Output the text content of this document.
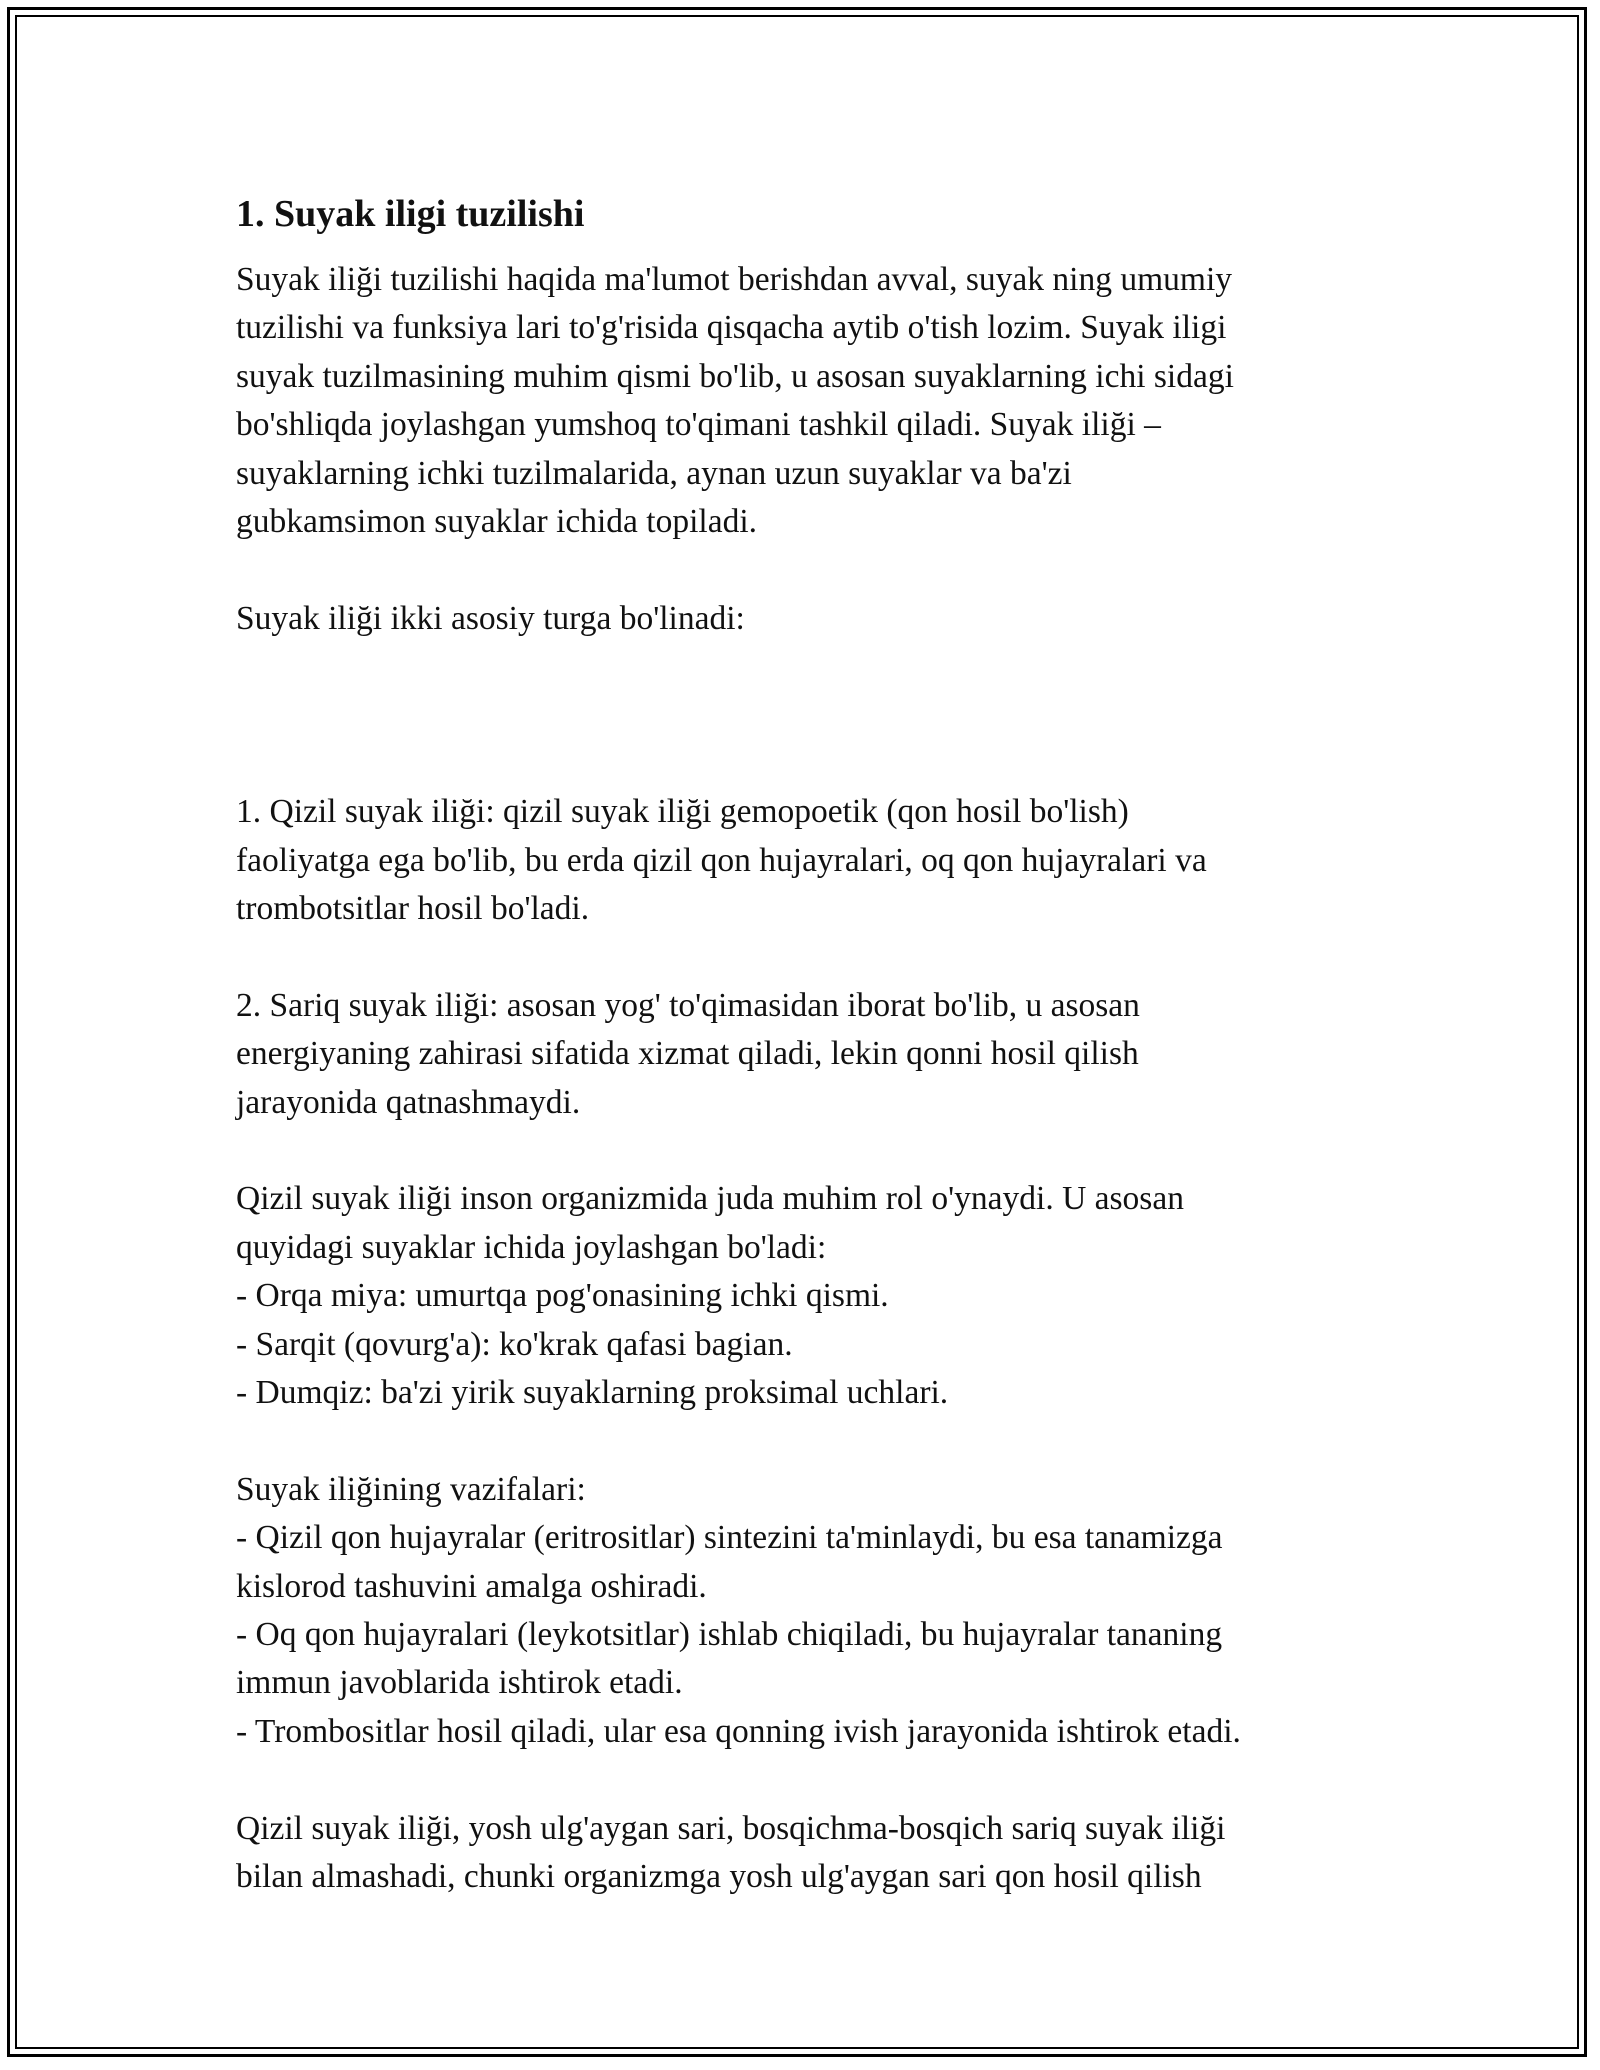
1. Suyak iligi tuzilishi
Suyak iliği tuzilishi haqida ma'lumot berishdan avval, suyak ning umumiy
tuzilishi va funksiya lari to'g'risida qisqacha aytib o'tish lozim. Suyak iligi
suyak tuzilmasining muhim qismi bo'lib, u asosan suyaklarning ichi sidagi
bo'shliqda joylashgan yumshoq to'qimani tashkil qiladi. Suyak iliği –
suyaklarning ichki tuzilmalarida, aynan uzun suyaklar va ba'zi
gubkamsimon suyaklar ichida topiladi.
Suyak iliği ikki asosiy turga bo'linadi:
1. Qizil suyak iliği: qizil suyak iliği gemopoetik (qon hosil bo'lish)
faoliyatga ega bo'lib, bu erda qizil qon hujayralari, oq qon hujayralari va
trombotsitlar hosil bo'ladi.
2. Sariq suyak iliği: asosan yog' to'qimasidan iborat bo'lib, u asosan
energiyaning zahirasi sifatida xizmat qiladi, lekin qonni hosil qilish
jarayonida qatnashmaydi.
Qizil suyak iliği inson organizmida juda muhim rol o'ynaydi. U asosan
quyidagi suyaklar ichida joylashgan bo'ladi:
- Orqa miya: umurtqa pog'onasining ichki qismi.
- Sarqit (qovurg'a): ko'krak qafasi bagian.
- Dumqiz: ba'zi yirik suyaklarning proksimal uchlari.
Suyak iliğining vazifalari:
- Qizil qon hujayralar (eritrositlar) sintezini ta'minlaydi, bu esa tanamizga
kislorod tashuvini amalga oshiradi.
- Oq qon hujayralari (leykotsitlar) ishlab chiqiladi, bu hujayralar tananing
immun javoblarida ishtirok etadi.
- Trombositlar hosil qiladi, ular esa qonning ivish jarayonida ishtirok etadi.
Qizil suyak iliği, yosh ulg'aygan sari, bosqichma-bosqich sariq suyak iliği
bilan almashadi, chunki organizmga yosh ulg'aygan sari qon hosil qilish
